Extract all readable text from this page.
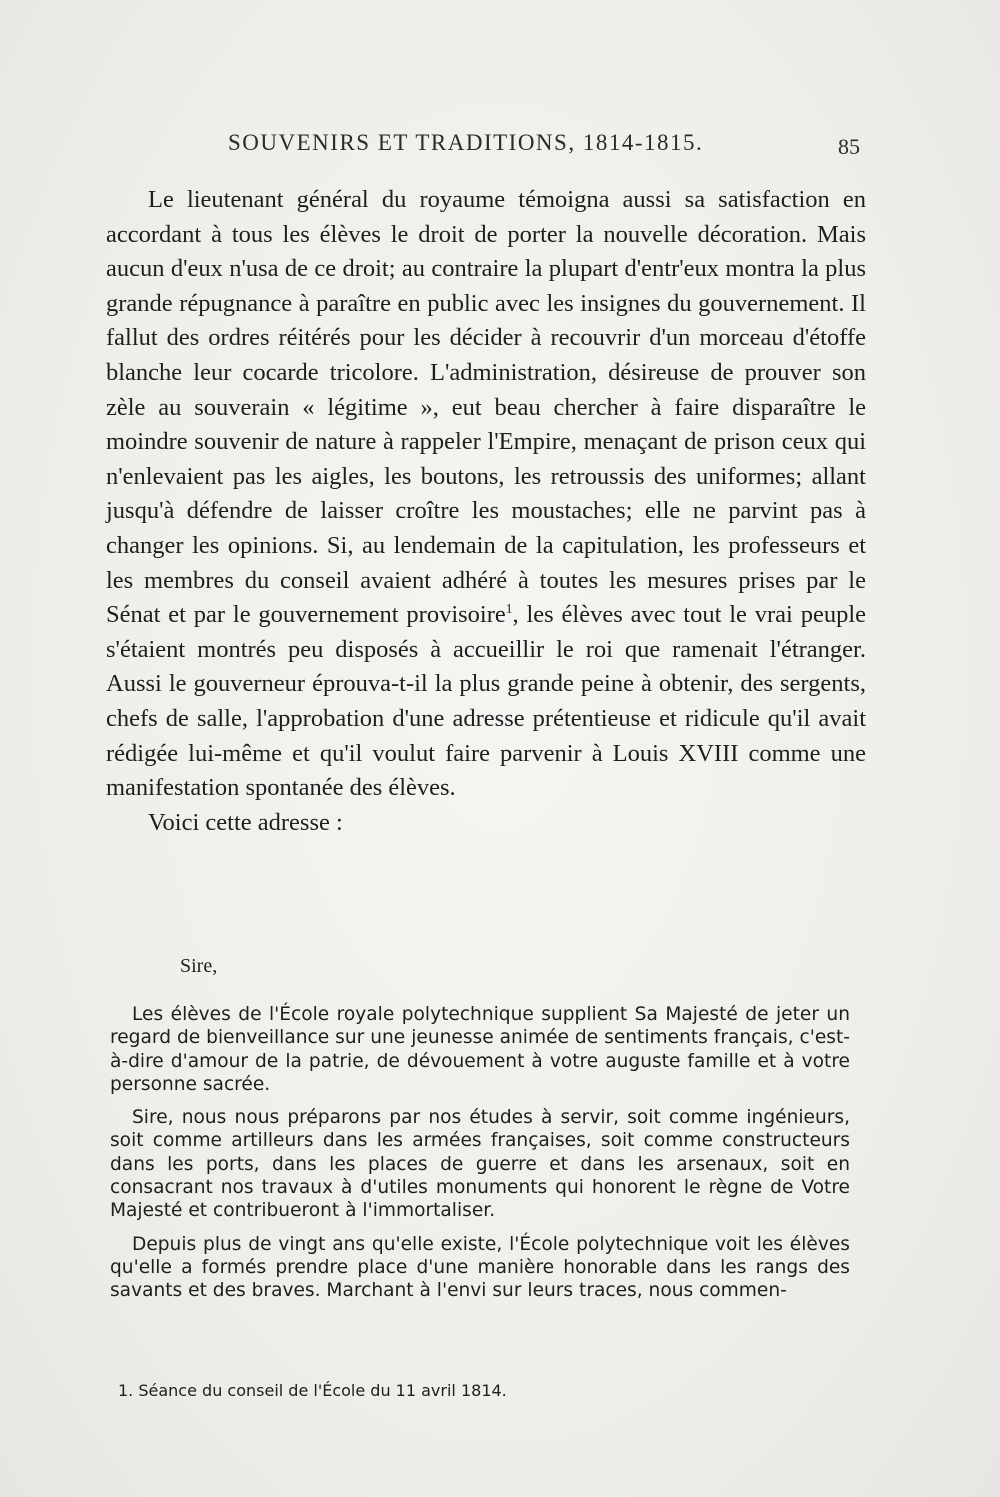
SOUVENIRS ET TRADITIONS, 1814-1815.	85

Le lieutenant général du royaume témoigna aussi sa satisfaction en accordant à tous les élèves le droit de porter la nouvelle décoration. Mais aucun d'eux n'usa de ce droit; au contraire la plupart d'entr'eux montra la plus grande répugnance à paraître en public avec les insignes du gouvernement. Il fallut des ordres réitérés pour les décider à recouvrir d'un morceau d'étoffe blanche leur cocarde tricolore. L'administration, désireuse de prouver son zèle au souverain « légitime », eut beau chercher à faire disparaître le moindre souvenir de nature à rappeler l'Empire, menaçant de prison ceux qui n'enlevaient pas les aigles, les boutons, les retroussis des uniformes; allant jusqu'à défendre de laisser croître les moustaches; elle ne parvint pas à changer les opinions. Si, au lendemain de la capitulation, les professeurs et les membres du conseil avaient adhéré à toutes les mesures prises par le Sénat et par le gouvernement provisoire$^1$, les élèves avec tout le vrai peuple s'étaient montrés peu disposés à accueillir le roi que ramenait l'étranger. Aussi le gouverneur éprouva-t-il la plus grande peine à obtenir, des sergents, chefs de salle, l'approbation d'une adresse prétentieuse et ridicule qu'il avait rédigée lui-même et qu'il voulut faire parvenir à Louis XVIII comme une manifestation spontanée des élèves.

Voici cette adresse :

Sire,

Les élèves de l'École royale polytechnique supplient Sa Majesté de jeter un regard de bienveillance sur une jeunesse animée de sentiments français, c'est-à-dire d'amour de la patrie, de dévouement à votre auguste famille et à votre personne sacrée.

Sire, nous nous préparons par nos études à servir, soit comme ingénieurs, soit comme artilleurs dans les armées françaises, soit comme constructeurs dans les ports, dans les places de guerre et dans les arsenaux, soit en consacrant nos travaux à d'utiles monuments qui honorent le règne de Votre Majesté et contribueront à l'immortaliser.

Depuis plus de vingt ans qu'elle existe, l'École polytechnique voit les élèves qu'elle a formés prendre place d'une manière honorable dans les rangs des savants et des braves. Marchant à l'envi sur leurs traces, nous commen-

1. Séance du conseil de l'École du 11 avril 1814.
